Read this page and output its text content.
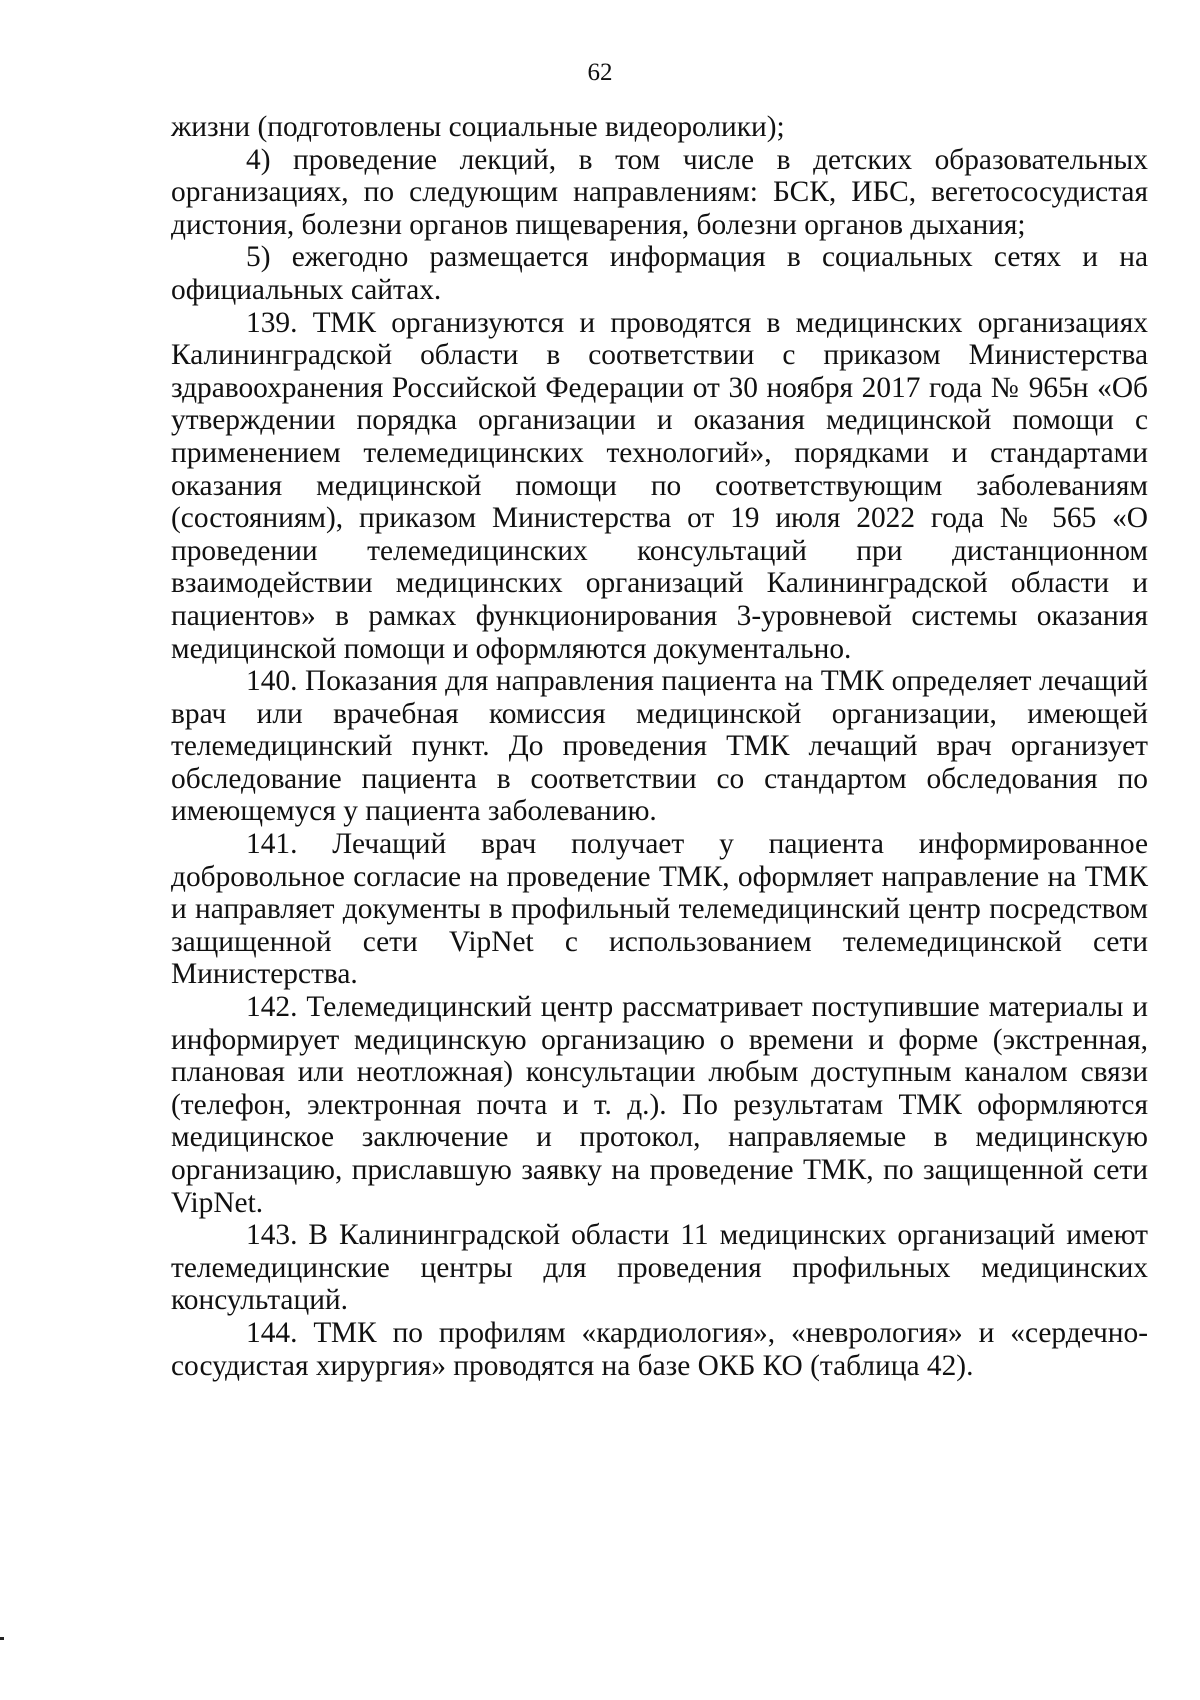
62

жизни (подготовлены социальные видеоролики);

4) проведение лекций, в том числе в детских образовательных организациях, по следующим направлениям: БСК, ИБС, вегетососудистая дистония, болезни органов пищеварения, болезни органов дыхания;

5) ежегодно размещается информация в социальных сетях и на официальных сайтах.

139. ТМК организуются и проводятся в медицинских организациях Калининградской области в соответствии с приказом Министерства здравоохранения Российской Федерации от 30 ноября 2017 года № 965н «Об утверждении порядка организации и оказания медицинской помощи с применением телемедицинских технологий», порядками и стандартами оказания медицинской помощи по соответствующим заболеваниям (состояниям), приказом Министерства от 19 июля 2022 года № 565 «О проведении телемедицинских консультаций при дистанционном взаимодействии медицинских организаций Калининградской области и пациентов» в рамках функционирования 3-уровневой системы оказания медицинской помощи и оформляются документально.

140. Показания для направления пациента на ТМК определяет лечащий врач или врачебная комиссия медицинской организации, имеющей телемедицинский пункт. До проведения ТМК лечащий врач организует обследование пациента в соответствии со стандартом обследования по имеющемуся у пациента заболеванию.

141. Лечащий врач получает у пациента информированное добровольное согласие на проведение ТМК, оформляет направление на ТМК и направляет документы в профильный телемедицинский центр посредством защищенной сети VipNet с использованием телемедицинской сети Министерства.

142. Телемедицинский центр рассматривает поступившие материалы и информирует медицинскую организацию о времени и форме (экстренная, плановая или неотложная) консультации любым доступным каналом связи (телефон, электронная почта и т. д.). По результатам ТМК оформляются медицинское заключение и протокол, направляемые в медицинскую организацию, приславшую заявку на проведение ТМК, по защищенной сети VipNet.

143. В Калининградской области 11 медицинских организаций имеют телемедицинские центры для проведения профильных медицинских консультаций.

144. ТМК по профилям «кардиология», «неврология» и «сердечно-сосудистая хирургия» проводятся на базе ОКБ КО (таблица 42).
